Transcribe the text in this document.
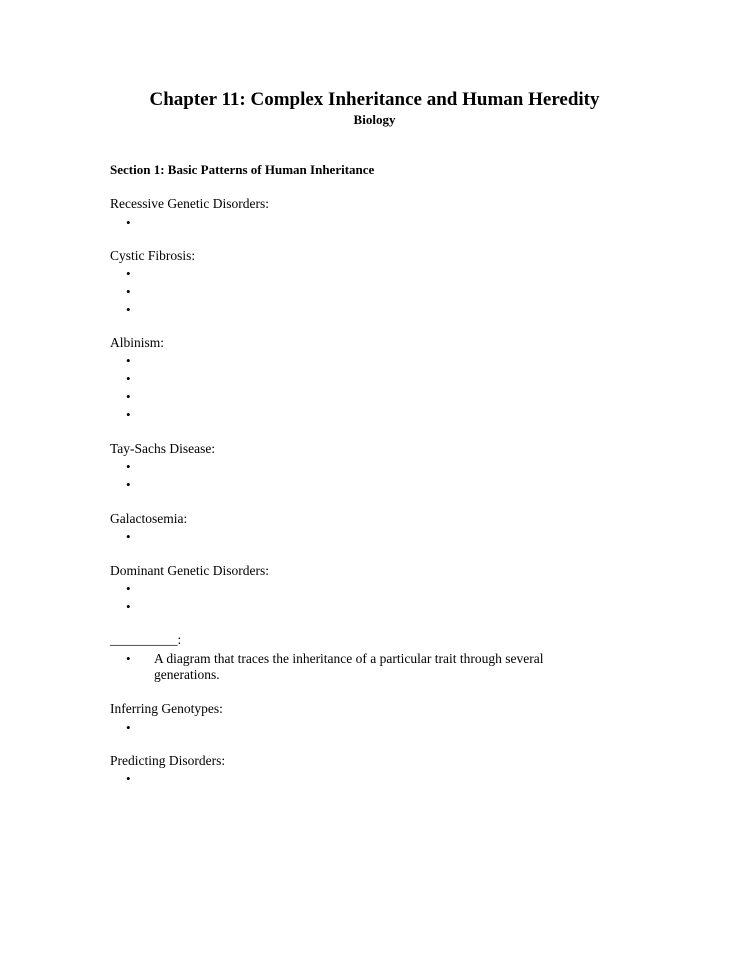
Chapter 11: Complex Inheritance and Human Heredity
Biology
Section 1: Basic Patterns of Human Inheritance
Recessive Genetic Disorders:
•
Cystic Fibrosis:
•
•
•
Albinism:
•
•
•
•
Tay-Sachs Disease:
•
•
Galactosemia:
•
Dominant Genetic Disorders:
•
•
__________:
• A diagram that traces the inheritance of a particular trait through several generations.
Inferring Genotypes:
•
Predicting Disorders:
•
